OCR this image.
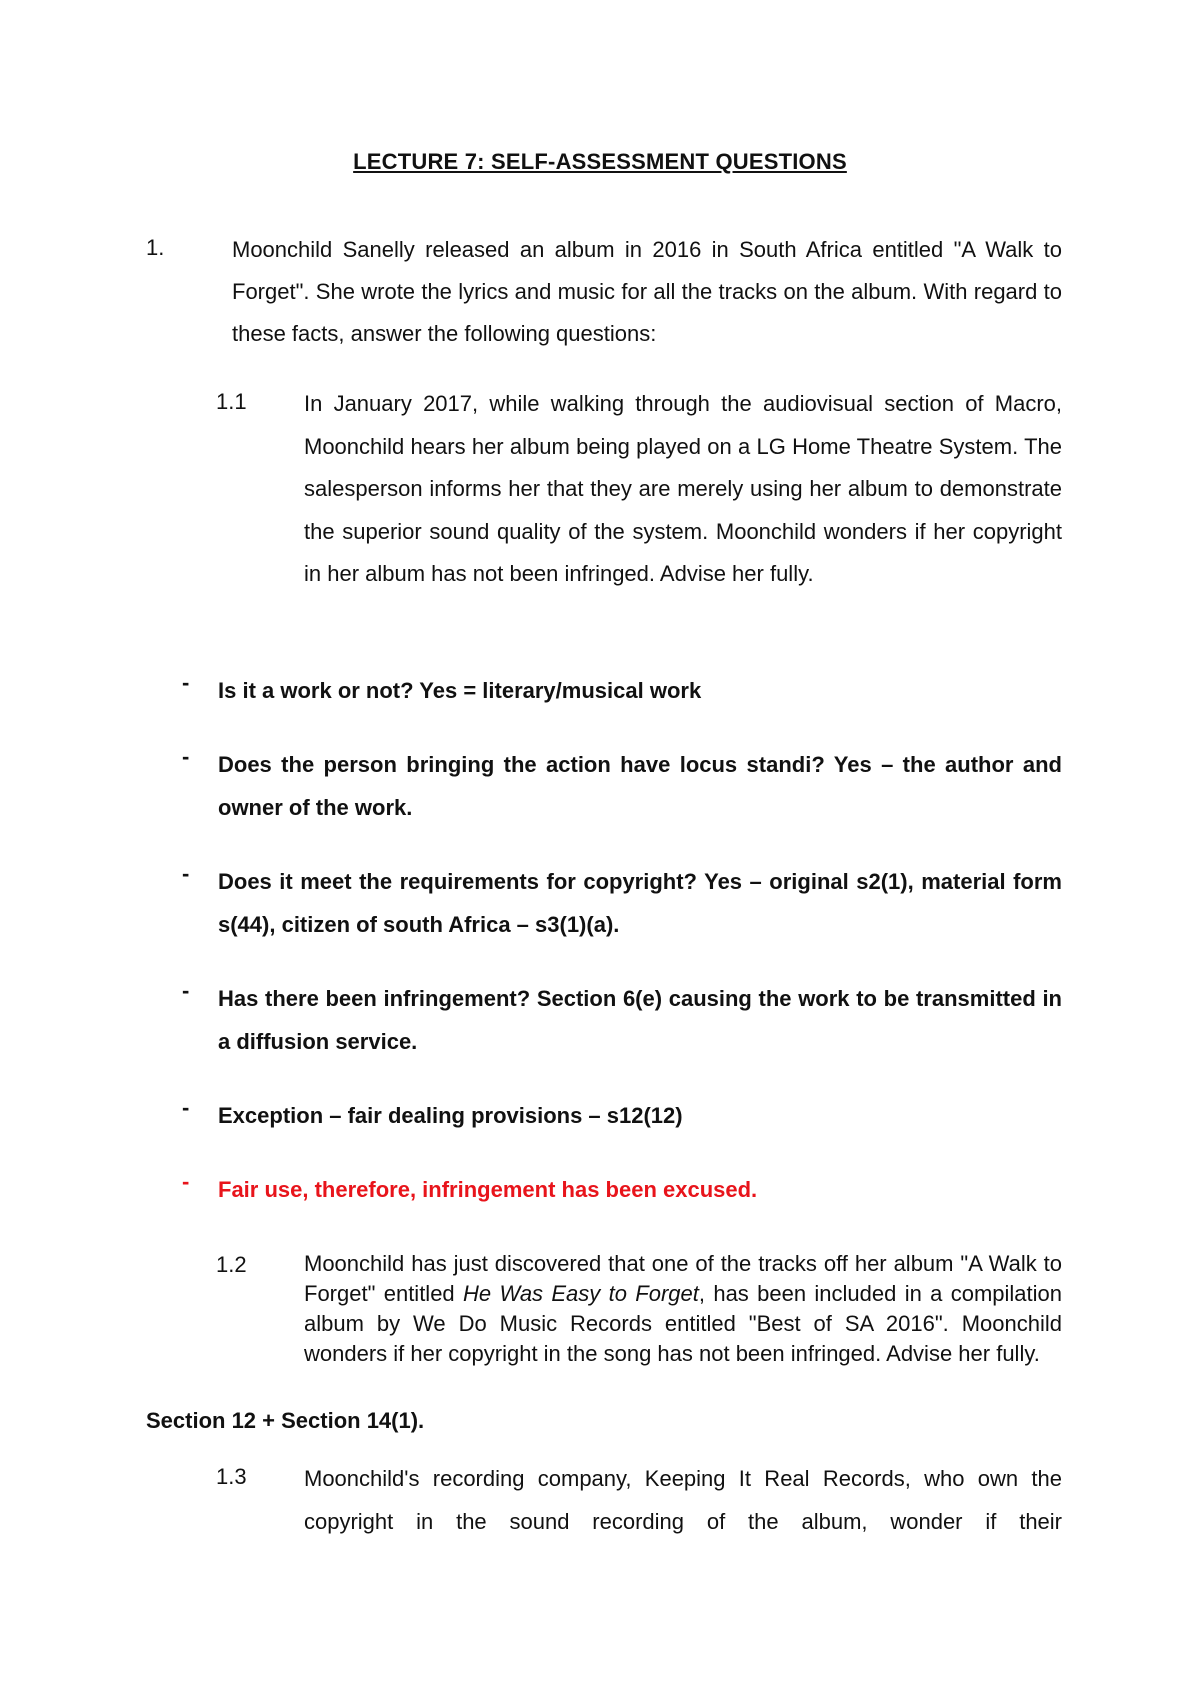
LECTURE 7: SELF-ASSESSMENT QUESTIONS
1.	Moonchild Sanelly released an album in 2016 in South Africa entitled "A Walk to Forget". She wrote the lyrics and music for all the tracks on the album. With regard to these facts, answer the following questions:
1.1	In January 2017, while walking through the audiovisual section of Macro, Moonchild hears her album being played on a LG Home Theatre System. The salesperson informs her that they are merely using her album to demonstrate the superior sound quality of the system. Moonchild wonders if her copyright in her album has not been infringed. Advise her fully.
- Is it a work or not? Yes = literary/musical work
- Does the person bringing the action have locus standi? Yes – the author and owner of the work.
- Does it meet the requirements for copyright? Yes – original s2(1), material form s(44), citizen of south Africa – s3(1)(a).
- Has there been infringement? Section 6(e) causing the work to be transmitted in a diffusion service.
- Exception – fair dealing provisions – s12(12)
- Fair use, therefore, infringement has been excused.
1.2	Moonchild has just discovered that one of the tracks off her album "A Walk to Forget" entitled He Was Easy to Forget, has been included in a compilation album by We Do Music Records entitled "Best of SA 2016". Moonchild wonders if her copyright in the song has not been infringed. Advise her fully.
Section 12 + Section 14(1).
1.3	Moonchild's recording company, Keeping It Real Records, who own the copyright in the sound recording of the album, wonder if their
